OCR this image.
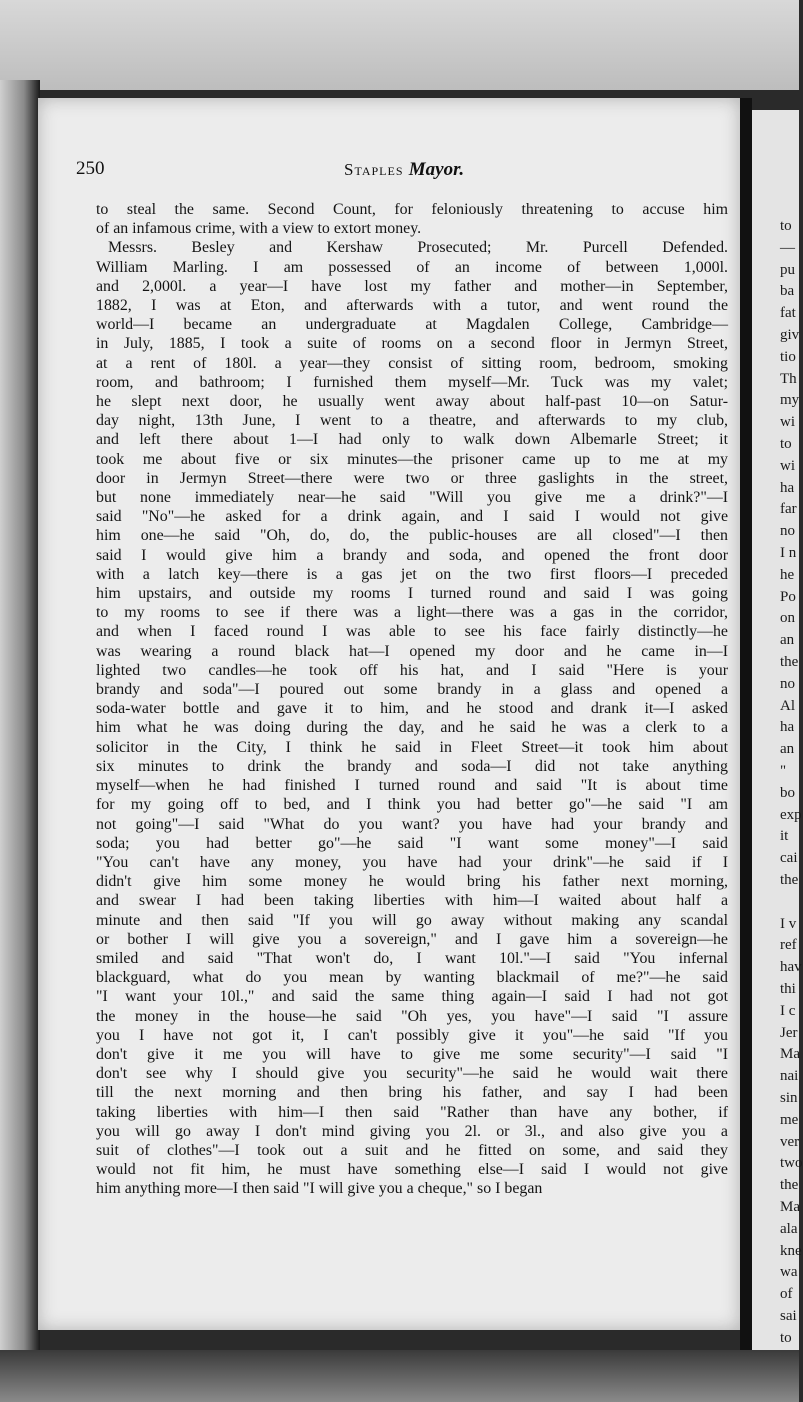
to
—
pu
ba
fat
giv
tio
Th
my
wi
to
wi
ha
far
no
I n
he
Po
on
an
the
no
Al
ha
an
"
bo
exp
it
cai
the
I v
ref
hav
thi
I c
Jer
Ma
nai
sin
me
ver
two
the
Ma
ala
kne
wa
of
sai
to
250	Staples Mayor.
to steal the same. Second Count, for feloniously threatening to accuse him
of an infamous crime, with a view to extort money.
Messrs. Besley and Kershaw Prosecuted; Mr. Purcell Defended.
William Marling. I am possessed of an income of between 1,000l.
and 2,000l. a year—I have lost my father and mother—in September,
1882, I was at Eton, and afterwards with a tutor, and went round the
world—I became an undergraduate at Magdalen College, Cambridge—
in July, 1885, I took a suite of rooms on a second floor in Jermyn Street,
at a rent of 180l. a year—they consist of sitting room, bedroom, smoking
room, and bathroom; I furnished them myself—Mr. Tuck was my valet;
he slept next door, he usually went away about half-past 10—on Satur-
day night, 13th June, I went to a theatre, and afterwards to my club,
and left there about 1—I had only to walk down Albemarle Street; it
took me about five or six minutes—the prisoner came up to me at my
door in Jermyn Street—there were two or three gaslights in the street,
but none immediately near—he said "Will you give me a drink?"—I
said "No"—he asked for a drink again, and I said I would not give
him one—he said "Oh, do, do, the public-houses are all closed"—I then
said I would give him a brandy and soda, and opened the front door
with a latch key—there is a gas jet on the two first floors—I preceded
him upstairs, and outside my rooms I turned round and said I was going
to my rooms to see if there was a light—there was a gas in the corridor,
and when I faced round I was able to see his face fairly distinctly—he
was wearing a round black hat—I opened my door and he came in—I
lighted two candles—he took off his hat, and I said "Here is your
brandy and soda"—I poured out some brandy in a glass and opened a
soda-water bottle and gave it to him, and he stood and drank it—I asked
him what he was doing during the day, and he said he was a clerk to a
solicitor in the City, I think he said in Fleet Street—it took him about
six minutes to drink the brandy and soda—I did not take anything
myself—when he had finished I turned round and said "It is about time
for my going off to bed, and I think you had better go"—he said "I am
not going"—I said "What do you want? you have had your brandy and
soda; you had better go"—he said "I want some money"—I said
"You can't have any money, you have had your drink"—he said if I
didn't give him some money he would bring his father next morning,
and swear I had been taking liberties with him—I waited about half a
minute and then said "If you will go away without making any scandal
or bother I will give you a sovereign," and I gave him a sovereign—he
smiled and said "That won't do, I want 10l."—I said "You infernal
blackguard, what do you mean by wanting blackmail of me?"—he said
"I want your 10l.," and said the same thing again—I said I had not got
the money in the house—he said "Oh yes, you have"—I said "I assure
you I have not got it, I can't possibly give it you"—he said "If you
don't give it me you will have to give me some security"—I said "I
don't see why I should give you security"—he said he would wait there
till the next morning and then bring his father, and say I had been
taking liberties with him—I then said "Rather than have any bother, if
you will go away I don't mind giving you 2l. or 3l., and also give you a
suit of clothes"—I took out a suit and he fitted on some, and said they
would not fit him, he must have something else—I said I would not give
him anything more—I then said "I will give you a cheque," so I began
